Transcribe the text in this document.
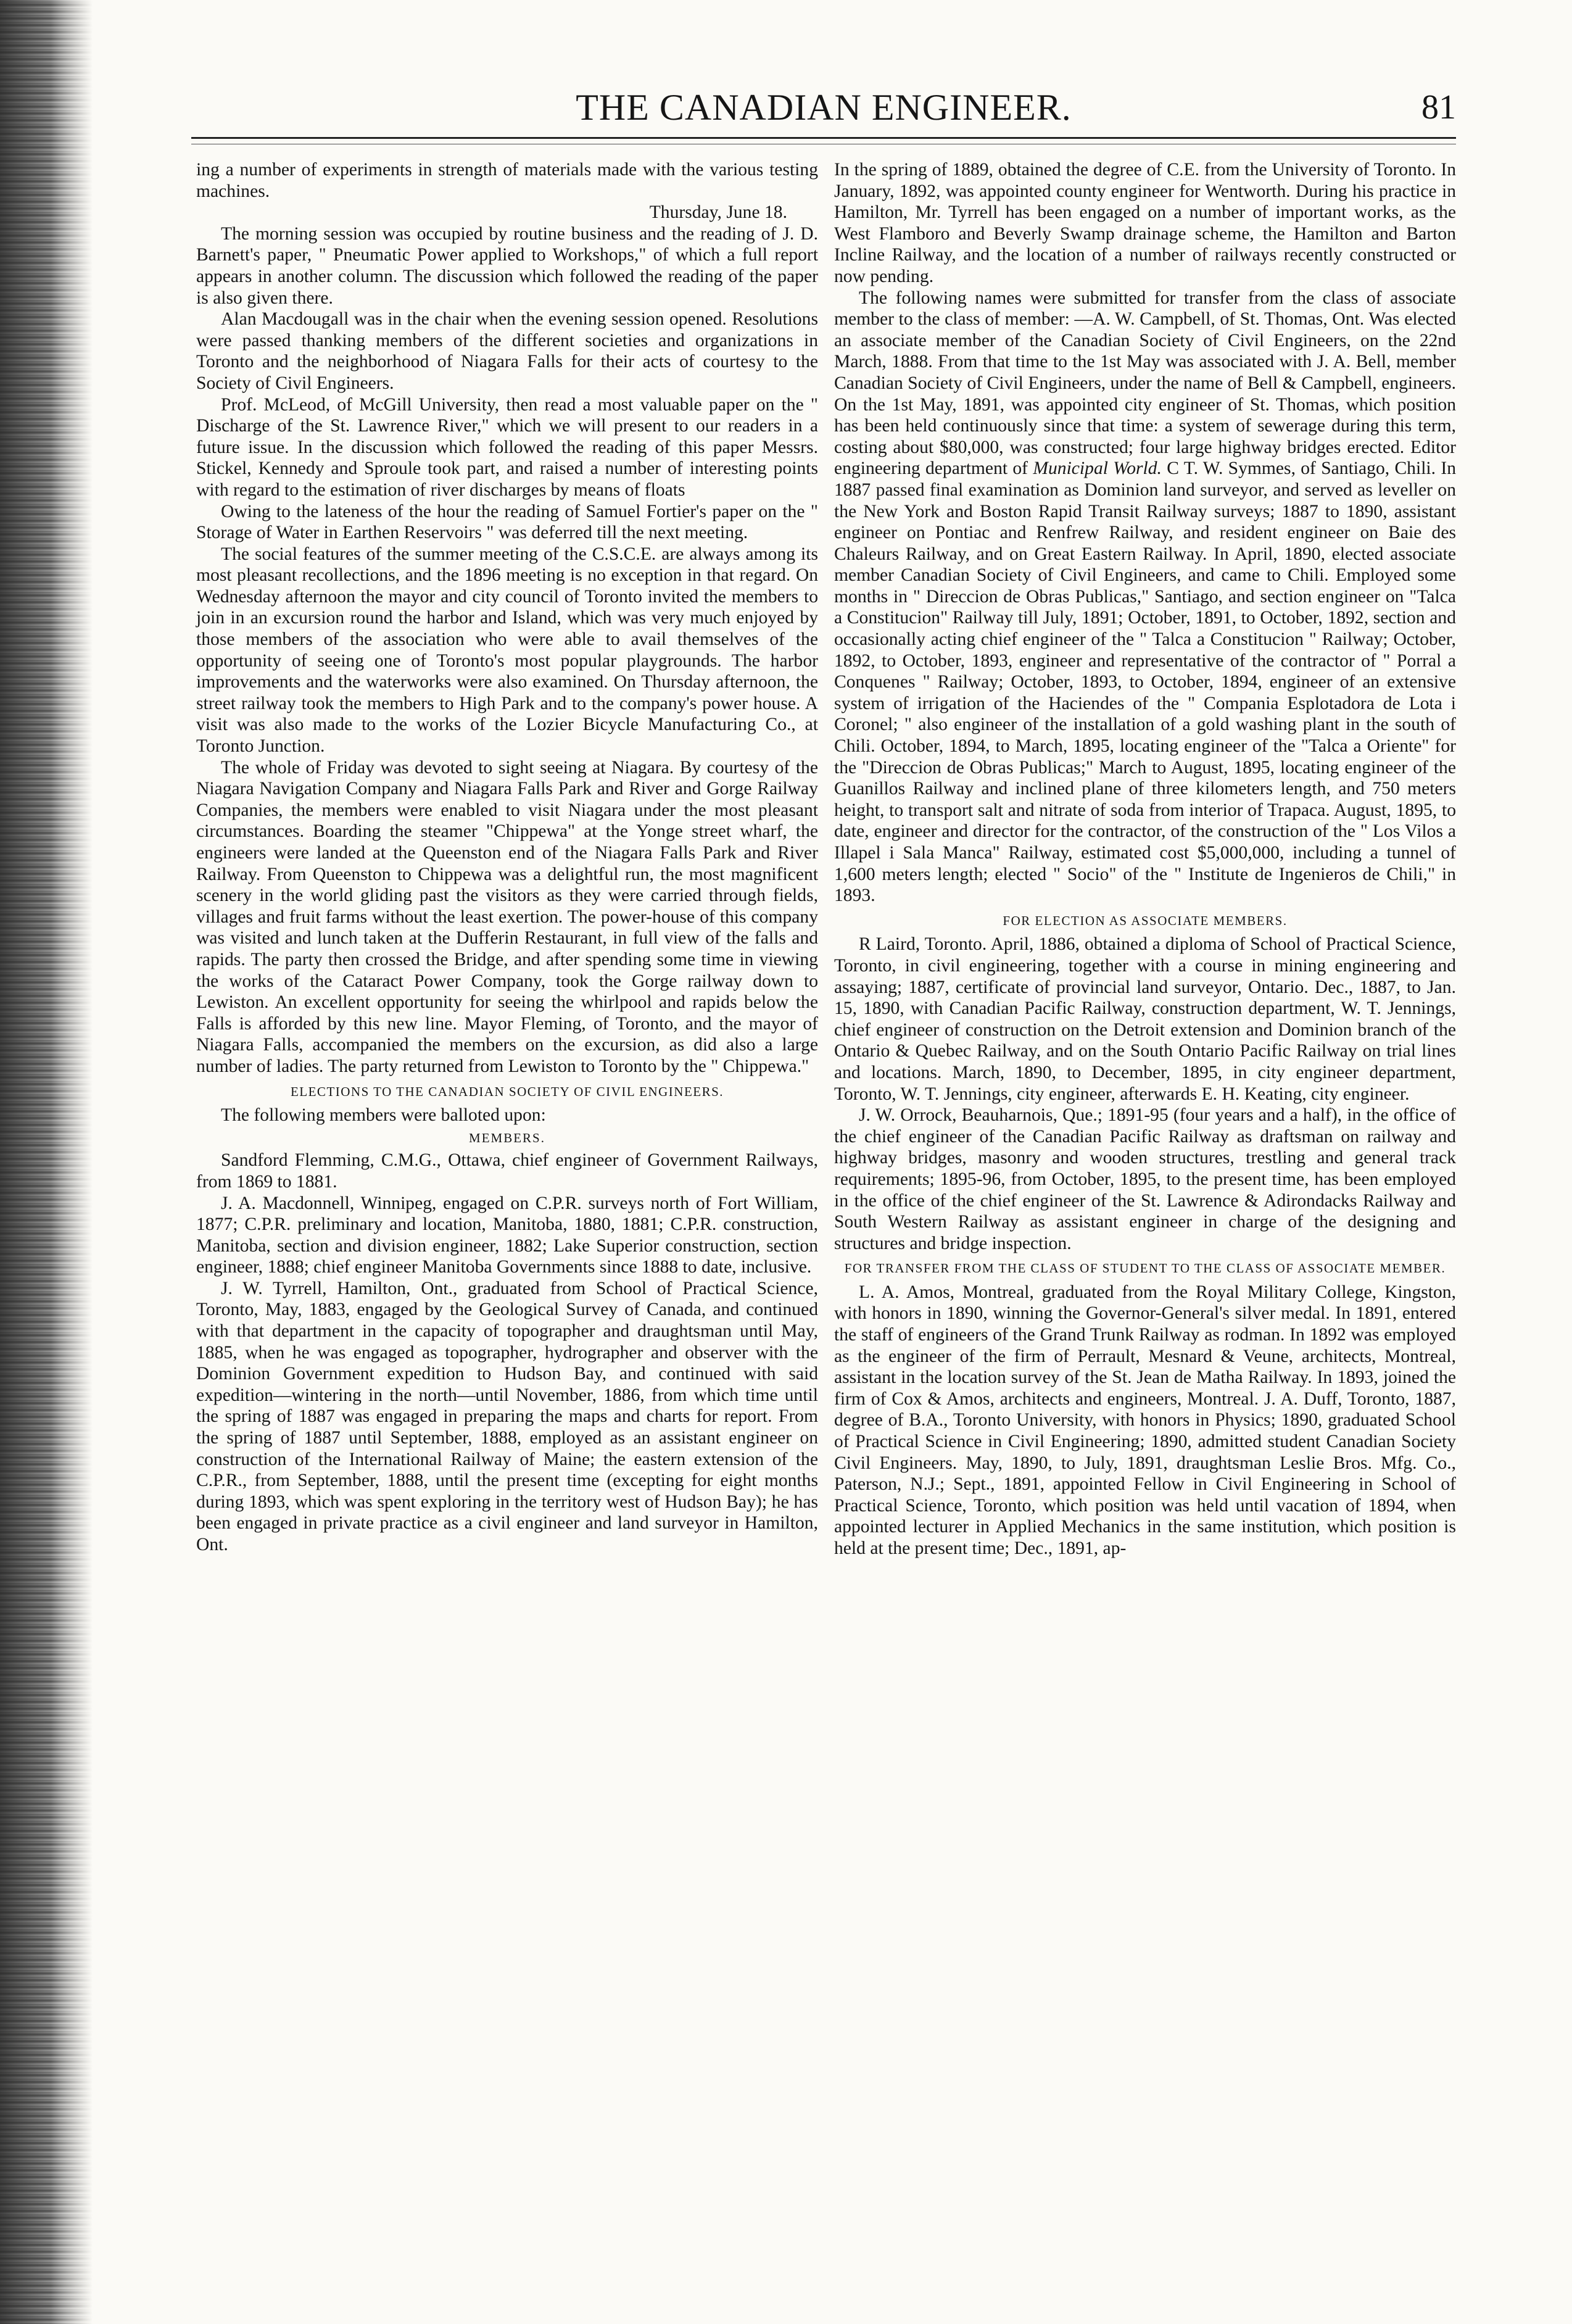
THE CANADIAN ENGINEER.	81

ing a number of experiments in strength of materials made with the various testing machines.

Thursday, June 18.

The morning session was occupied by routine business and the reading of J. D. Barnett's paper, " Pneumatic Power applied to Workshops," of which a full report appears in another column. The discussion which followed the reading of the paper is also given there.

Alan Macdougall was in the chair when the evening session opened. Resolutions were passed thanking members of the different societies and organizations in Toronto and the neighborhood of Niagara Falls for their acts of courtesy to the Society of Civil Engineers.

Prof. McLeod, of McGill University, then read a most valuable paper on the " Discharge of the St. Lawrence River," which we will present to our readers in a future issue. In the discussion which followed the reading of this paper Messrs. Stickel, Kennedy and Sproule took part, and raised a number of interesting points with regard to the estimation of river discharges by means of floats

Owing to the lateness of the hour the reading of Samuel Fortier's paper on the " Storage of Water in Earthen Reservoirs " was deferred till the next meeting.

The social features of the summer meeting of the C.S.C.E. are always among its most pleasant recollections, and the 1896 meeting is no exception in that regard. On Wednesday afternoon the mayor and city council of Toronto invited the members to join in an excursion round the harbor and Island, which was very much enjoyed by those members of the association who were able to avail themselves of the opportunity of seeing one of Toronto's most popular playgrounds. The harbor improvements and the waterworks were also examined. On Thursday afternoon, the street railway took the members to High Park and to the company's power house. A visit was also made to the works of the Lozier Bicycle Manufacturing Co., at Toronto Junction.

The whole of Friday was devoted to sight seeing at Niagara. By courtesy of the Niagara Navigation Company and Niagara Falls Park and River and Gorge Railway Companies, the members were enabled to visit Niagara under the most pleasant circumstances. Boarding the steamer "Chippewa" at the Yonge street wharf, the engineers were landed at the Queenston end of the Niagara Falls Park and River Railway. From Queenston to Chippewa was a delightful run, the most magnificent scenery in the world gliding past the visitors as they were carried through fields, villages and fruit farms without the least exertion. The power-house of this company was visited and lunch taken at the Dufferin Restaurant, in full view of the falls and rapids. The party then crossed the Bridge, and after spending some time in viewing the works of the Cataract Power Company, took the Gorge railway down to Lewiston. An excellent opportunity for seeing the whirlpool and rapids below the Falls is afforded by this new line. Mayor Fleming, of Toronto, and the mayor of Niagara Falls, accompanied the members on the excursion, as did also a large number of ladies. The party returned from Lewiston to Toronto by the " Chippewa."

ELECTIONS TO THE CANADIAN SOCIETY OF CIVIL ENGINEERS.

The following members were balloted upon:

MEMBERS.

Sandford Flemming, C.M.G., Ottawa, chief engineer of Government Railways, from 1869 to 1881.

J. A. Macdonnell, Winnipeg, engaged on C.P.R. surveys north of Fort William, 1877; C.P.R. preliminary and location, Manitoba, 1880, 1881; C.P.R. construction, Manitoba, section and division engineer, 1882; Lake Superior construction, section engineer, 1888; chief engineer Manitoba Governments since 1888 to date, inclusive.

J. W. Tyrrell, Hamilton, Ont., graduated from School of Practical Science, Toronto, May, 1883, engaged by the Geological Survey of Canada, and continued with that department in the capacity of topographer and draughtsman until May, 1885, when he was engaged as topographer, hydrographer and observer with the Dominion Government expedition to Hudson Bay, and continued with said expedition—wintering in the north—until November, 1886, from which time until the spring of 1887 was engaged in preparing the maps and charts for report. From the spring of 1887 until September, 1888, employed as an assistant engineer on construction of the International Railway of Maine; the eastern extension of the C.P.R., from September, 1888, until the present time (excepting for eight months during 1893, which was spent exploring in the territory west of Hudson Bay); he has been engaged in private practice as a civil engineer and land surveyor in Hamilton, Ont.

In the spring of 1889, obtained the degree of C.E. from the University of Toronto. In January, 1892, was appointed county engineer for Wentworth. During his practice in Hamilton, Mr. Tyrrell has been engaged on a number of important works, as the West Flamboro and Beverly Swamp drainage scheme, the Hamilton and Barton Incline Railway, and the location of a number of railways recently constructed or now pending.

The following names were submitted for transfer from the class of associate member to the class of member: —A. W. Campbell, of St. Thomas, Ont. Was elected an associate member of the Canadian Society of Civil Engineers, on the 22nd March, 1888. From that time to the 1st May was associated with J. A. Bell, member Canadian Society of Civil Engineers, under the name of Bell & Campbell, engineers. On the 1st May, 1891, was appointed city engineer of St. Thomas, which position has been held continuously since that time: a system of sewerage during this term, costing about $80,000, was constructed; four large highway bridges erected. Editor engineering department of Municipal World. C T. W. Symmes, of Santiago, Chili. In 1887 passed final examination as Dominion land surveyor, and served as leveller on the New York and Boston Rapid Transit Railway surveys; 1887 to 1890, assistant engineer on Pontiac and Renfrew Railway, and resident engineer on Baie des Chaleurs Railway, and on Great Eastern Railway. In April, 1890, elected associate member Canadian Society of Civil Engineers, and came to Chili. Employed some months in " Direccion de Obras Publicas," Santiago, and section engineer on "Talca a Constitucion" Railway till July, 1891; October, 1891, to October, 1892, section and occasionally acting chief engineer of the " Talca a Constitucion " Railway; October, 1892, to October, 1893, engineer and representative of the contractor of " Porral a Conquenes " Railway; October, 1893, to October, 1894, engineer of an extensive system of irrigation of the Haciendes of the " Compania Esplotadora de Lota i Coronel; " also engineer of the installation of a gold washing plant in the south of Chili. October, 1894, to March, 1895, locating engineer of the "Talca a Oriente" for the "Direccion de Obras Publicas;" March to August, 1895, locating engineer of the Guanillos Railway and inclined plane of three kilometers length, and 750 meters height, to transport salt and nitrate of soda from interior of Trapaca. August, 1895, to date, engineer and director for the contractor, of the construction of the " Los Vilos a Illapel i Sala Manca" Railway, estimated cost $5,000,000, including a tunnel of 1,600 meters length; elected " Socio" of the " Institute de Ingenieros de Chili," in 1893.

FOR ELECTION AS ASSOCIATE MEMBERS.

R Laird, Toronto. April, 1886, obtained a diploma of School of Practical Science, Toronto, in civil engineering, together with a course in mining engineering and assaying; 1887, certificate of provincial land surveyor, Ontario. Dec., 1887, to Jan. 15, 1890, with Canadian Pacific Railway, construction department, W. T. Jennings, chief engineer of construction on the Detroit extension and Dominion branch of the Ontario & Quebec Railway, and on the South Ontario Pacific Railway on trial lines and locations. March, 1890, to December, 1895, in city engineer department, Toronto, W. T. Jennings, city engineer, afterwards E. H. Keating, city engineer.

J. W. Orrock, Beauharnois, Que.; 1891-95 (four years and a half), in the office of the chief engineer of the Canadian Pacific Railway as draftsman on railway and highway bridges, masonry and wooden structures, trestling and general track requirements; 1895-96, from October, 1895, to the present time, has been employed in the office of the chief engineer of the St. Lawrence & Adirondacks Railway and South Western Railway as assistant engineer in charge of the designing and structures and bridge inspection.

FOR TRANSFER FROM THE CLASS OF STUDENT TO THE CLASS OF ASSOCIATE MEMBER.

L. A. Amos, Montreal, graduated from the Royal Military College, Kingston, with honors in 1890, winning the Governor-General's silver medal. In 1891, entered the staff of engineers of the Grand Trunk Railway as rodman. In 1892 was employed as the engineer of the firm of Perrault, Mesnard & Veune, architects, Montreal, assistant in the location survey of the St. Jean de Matha Railway. In 1893, joined the firm of Cox & Amos, architects and engineers, Montreal. J. A. Duff, Toronto, 1887, degree of B.A., Toronto University, with honors in Physics; 1890, graduated School of Practical Science in Civil Engineering; 1890, admitted student Canadian Society Civil Engineers. May, 1890, to July, 1891, draughtsman Leslie Bros. Mfg. Co., Paterson, N.J.; Sept., 1891, appointed Fellow in Civil Engineering in School of Practical Science, Toronto, which position was held until vacation of 1894, when appointed lecturer in Applied Mechanics in the same institution, which position is held at the present time; Dec., 1891, ap-
